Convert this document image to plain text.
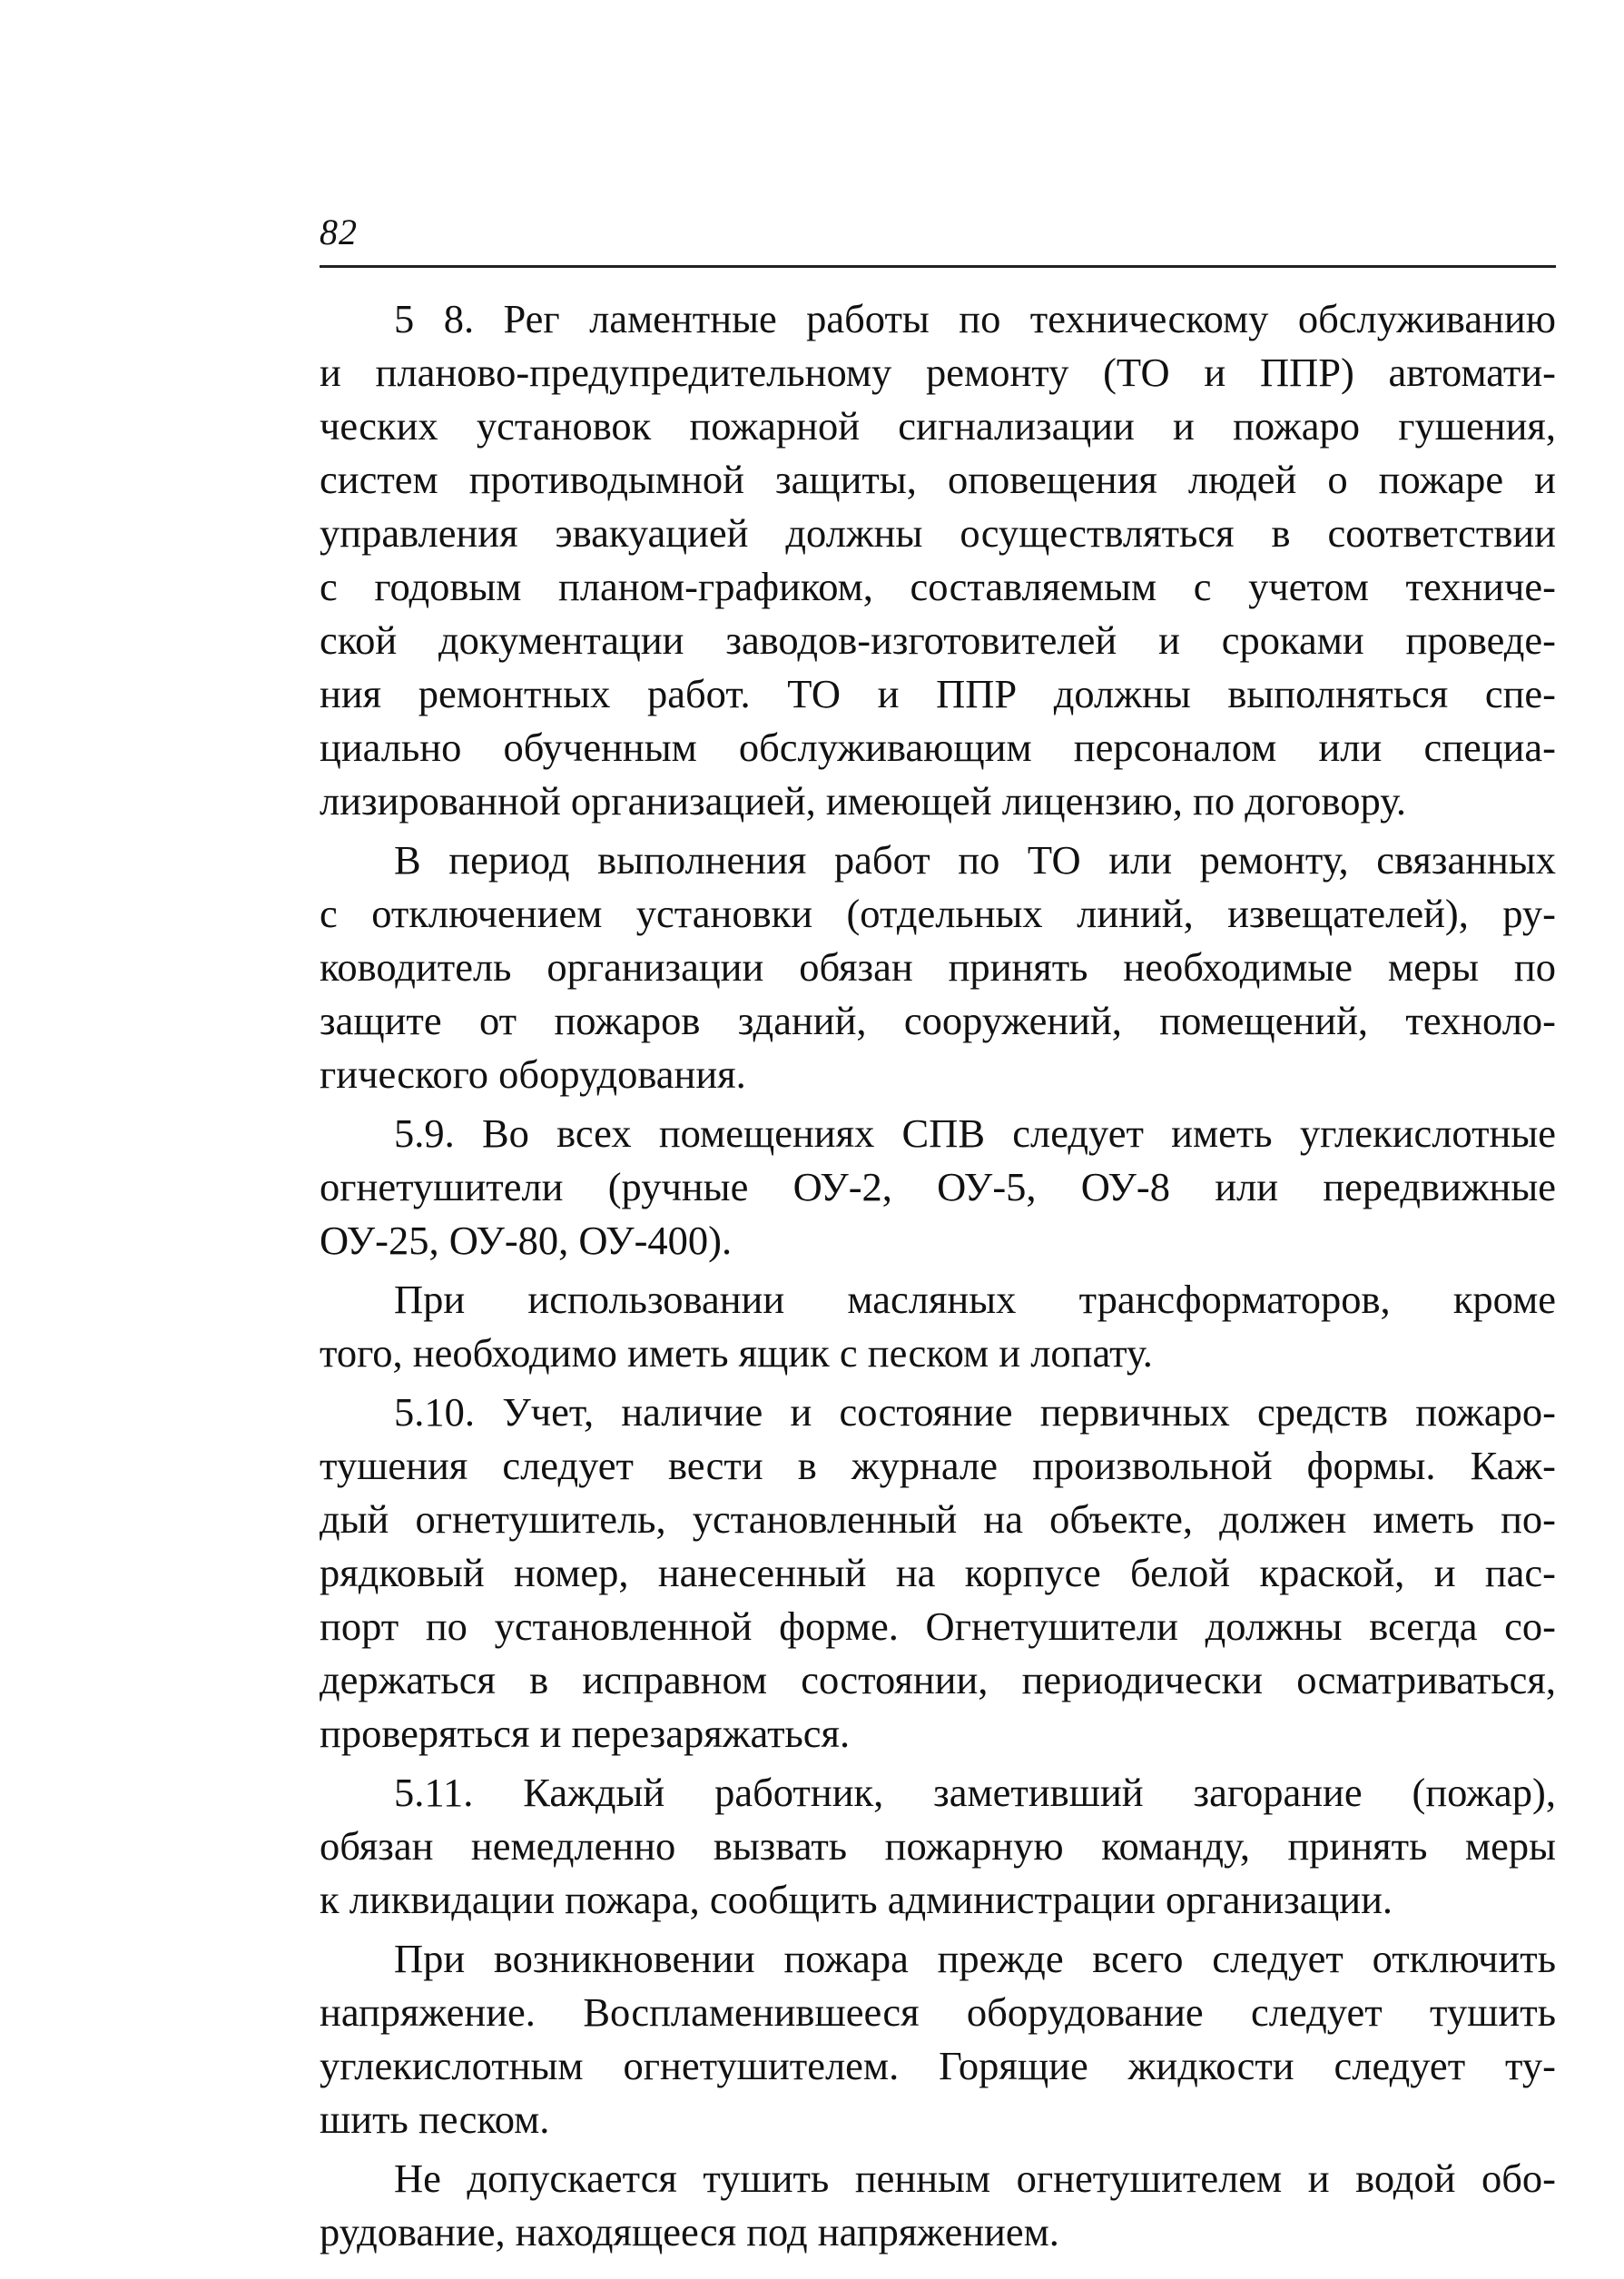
82
5 8. Рег ламентные работы по техническому обслуживанию
и планово-предупредительному ремонту (ТО и ППР) автомати-
ческих установок пожарной сигнализации и пожаро гушения,
систем противодымной защиты, оповещения людей о пожаре и
управления эвакуацией должны осуществляться в соответствии
с годовым планом-графиком, составляемым с учетом техниче-
ской документации заводов-изготовителей и сроками проведе-
ния ремонтных работ. ТО и ППР должны выполняться спе-
циально обученным обслуживающим персоналом или специа-
лизированной организацией, имеющей лицензию, по договору.
В период выполнения работ по ТО или ремонту, связанных
с отключением установки (отдельных линий, извещателей), ру-
ководитель организации обязан принять необходимые меры по
защите от пожаров зданий, сооружений, помещений, техноло-
гического оборудования.
5.9. Во всех помещениях СПВ следует иметь углекислотные
огнетушители (ручные ОУ-2, ОУ-5, ОУ-8 или передвижные
ОУ-25, ОУ-80, ОУ-400).
При использовании масляных трансформаторов, кроме
того, необходимо иметь ящик с песком и лопату.
5.10. Учет, наличие и состояние первичных средств пожаро-
тушения следует вести в журнале произвольной формы. Каж-
дый огнетушитель, установленный на объекте, должен иметь по-
рядковый номер, нанесенный на корпусе белой краской, и пас-
порт по установленной форме. Огнетушители должны всегда со-
держаться в исправном состоянии, периодически осматриваться,
проверяться и перезаряжаться.
5.11. Каждый работник, заметивший загорание (пожар),
обязан немедленно вызвать пожарную команду, принять меры
к ликвидации пожара, сообщить администрации организации.
При возникновении пожара прежде всего следует отключить
напряжение. Воспламенившееся оборудование следует тушить
углекислотным огнетушителем. Горящие жидкости следует ту-
шить песком.
Не допускается тушить пенным огнетушителем и водой обо-
рудование, находящееся под напряжением.
